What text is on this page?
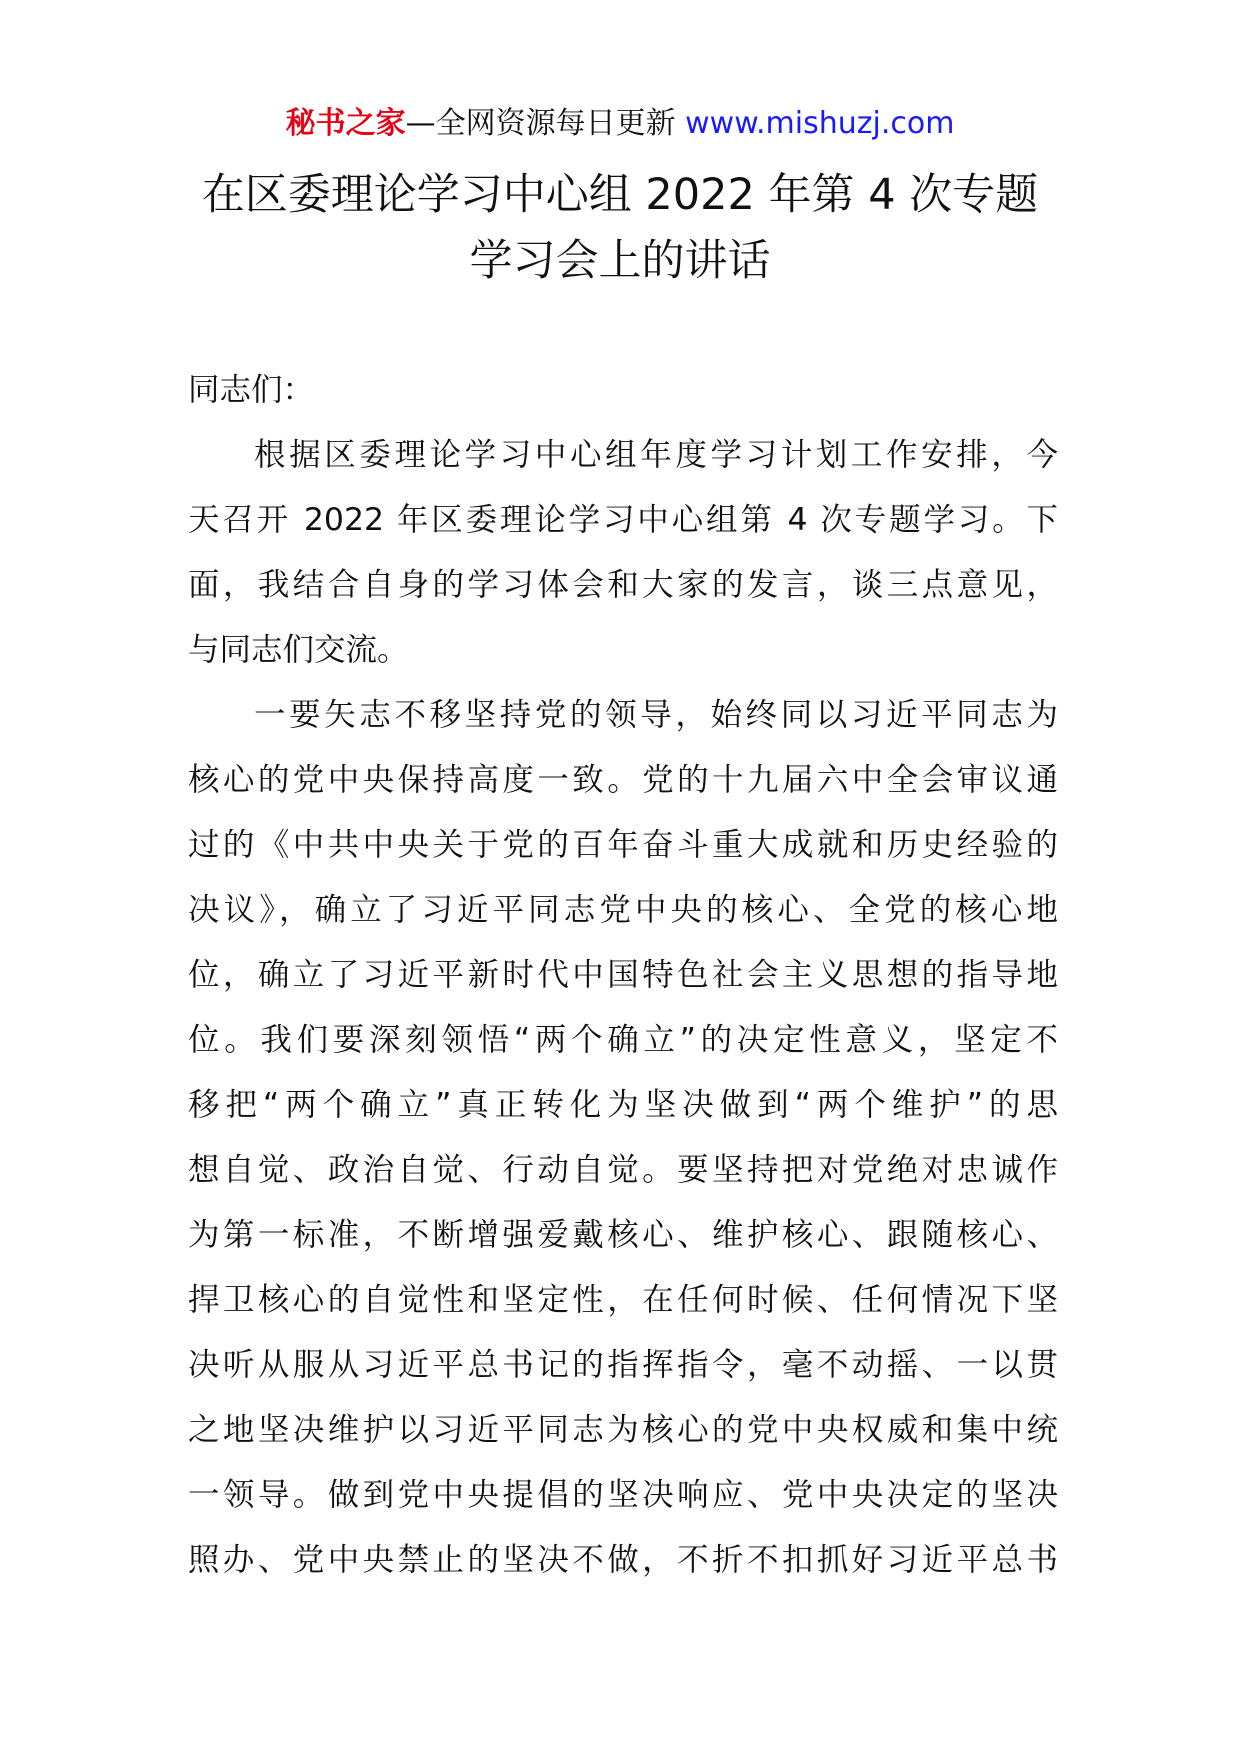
秘书之家—全网资源每日更新 www.mishuzj.com
在区委理论学习中心组 2022 年第 4 次专题
学习会上的讲话

同志们：

根据区委理论学习中心组年度学习计划工作安排，今
天召开 2022 年区委理论学习中心组第 4 次专题学习。下
面，我结合自身的学习体会和大家的发言，谈三点意见，
与同志们交流。

一要矢志不移坚持党的领导，始终同以习近平同志为
核心的党中央保持高度一致。党的十九届六中全会审议通
过的《中共中央关于党的百年奋斗重大成就和历史经验的
决议》，确立了习近平同志党中央的核心、全党的核心地
位，确立了习近平新时代中国特色社会主义思想的指导地
位。我们要深刻领悟“两个确立”的决定性意义，坚定不
移把“两个确立”真正转化为坚决做到“两个维护”的思
想自觉、政治自觉、行动自觉。要坚持把对党绝对忠诚作
为第一标准，不断增强爱戴核心、维护核心、跟随核心、
捍卫核心的自觉性和坚定性，在任何时候、任何情况下坚
决听从服从习近平总书记的指挥指令，毫不动摇、一以贯
之地坚决维护以习近平同志为核心的党中央权威和集中统
一领导。做到党中央提倡的坚决响应、党中央决定的坚决
照办、党中央禁止的坚决不做，不折不扣抓好习近平总书
